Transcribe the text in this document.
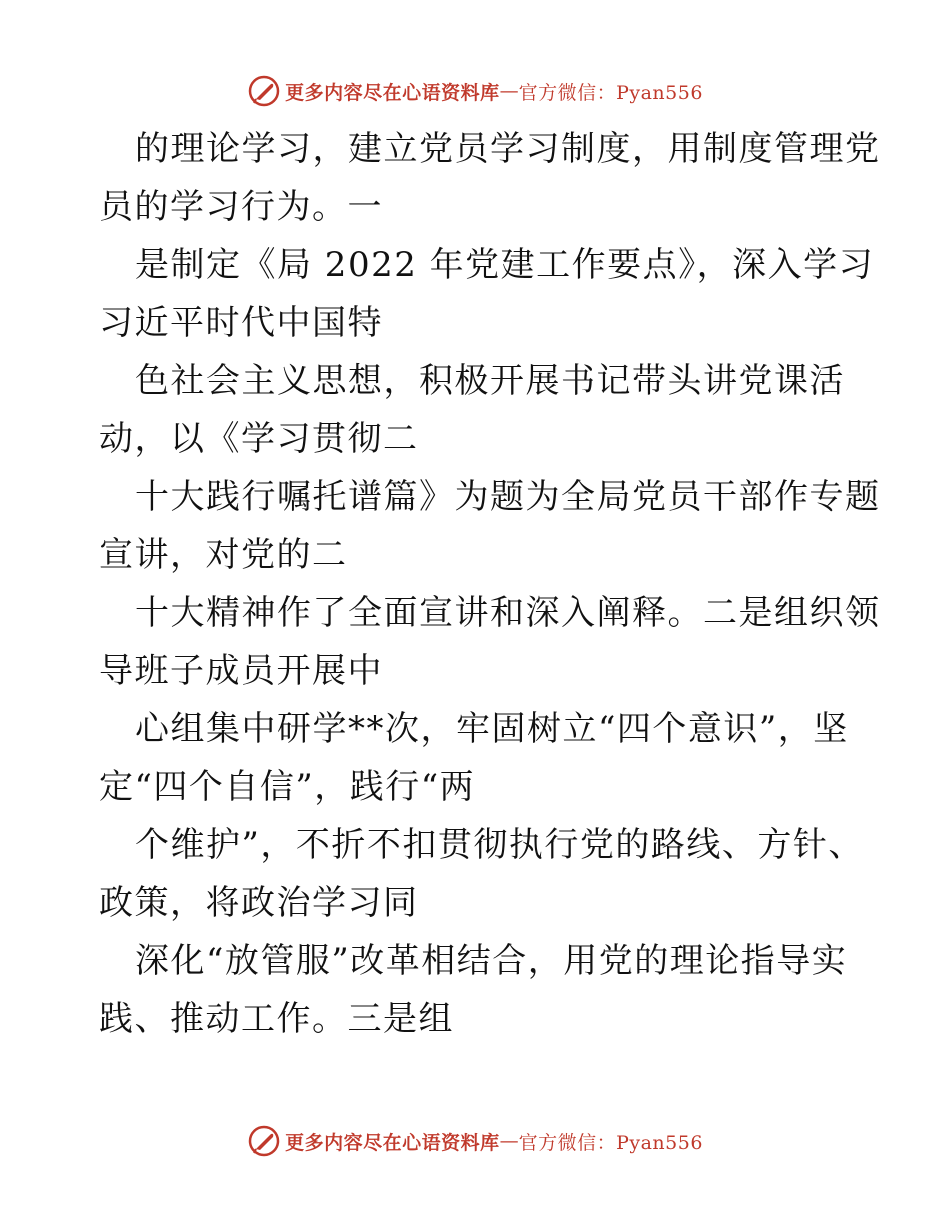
更多内容尽在心语资料库 — 官方微信：Pyan556
的理论学习，建立党员学习制度，用制度管理党
员的学习行为。一
是制定《局 2022 年党建工作要点》，深入学习
习近平时代中国特
色社会主义思想，积极开展书记带头讲党课活
动，以《学习贯彻二
十大践行嘱托谱篇》为题为全局党员干部作专题
宣讲，对党的二
十大精神作了全面宣讲和深入阐释。二是组织领
导班子成员开展中
心组集中研学**次，牢固树立“四个意识”，坚
定“四个自信”，践行“两
个维护”，不折不扣贯彻执行党的路线、方针、
政策，将政治学习同
深化“放管服”改革相结合，用党的理论指导实
践、推动工作。三是组
更多内容尽在心语资料库 — 官方微信：Pyan556
